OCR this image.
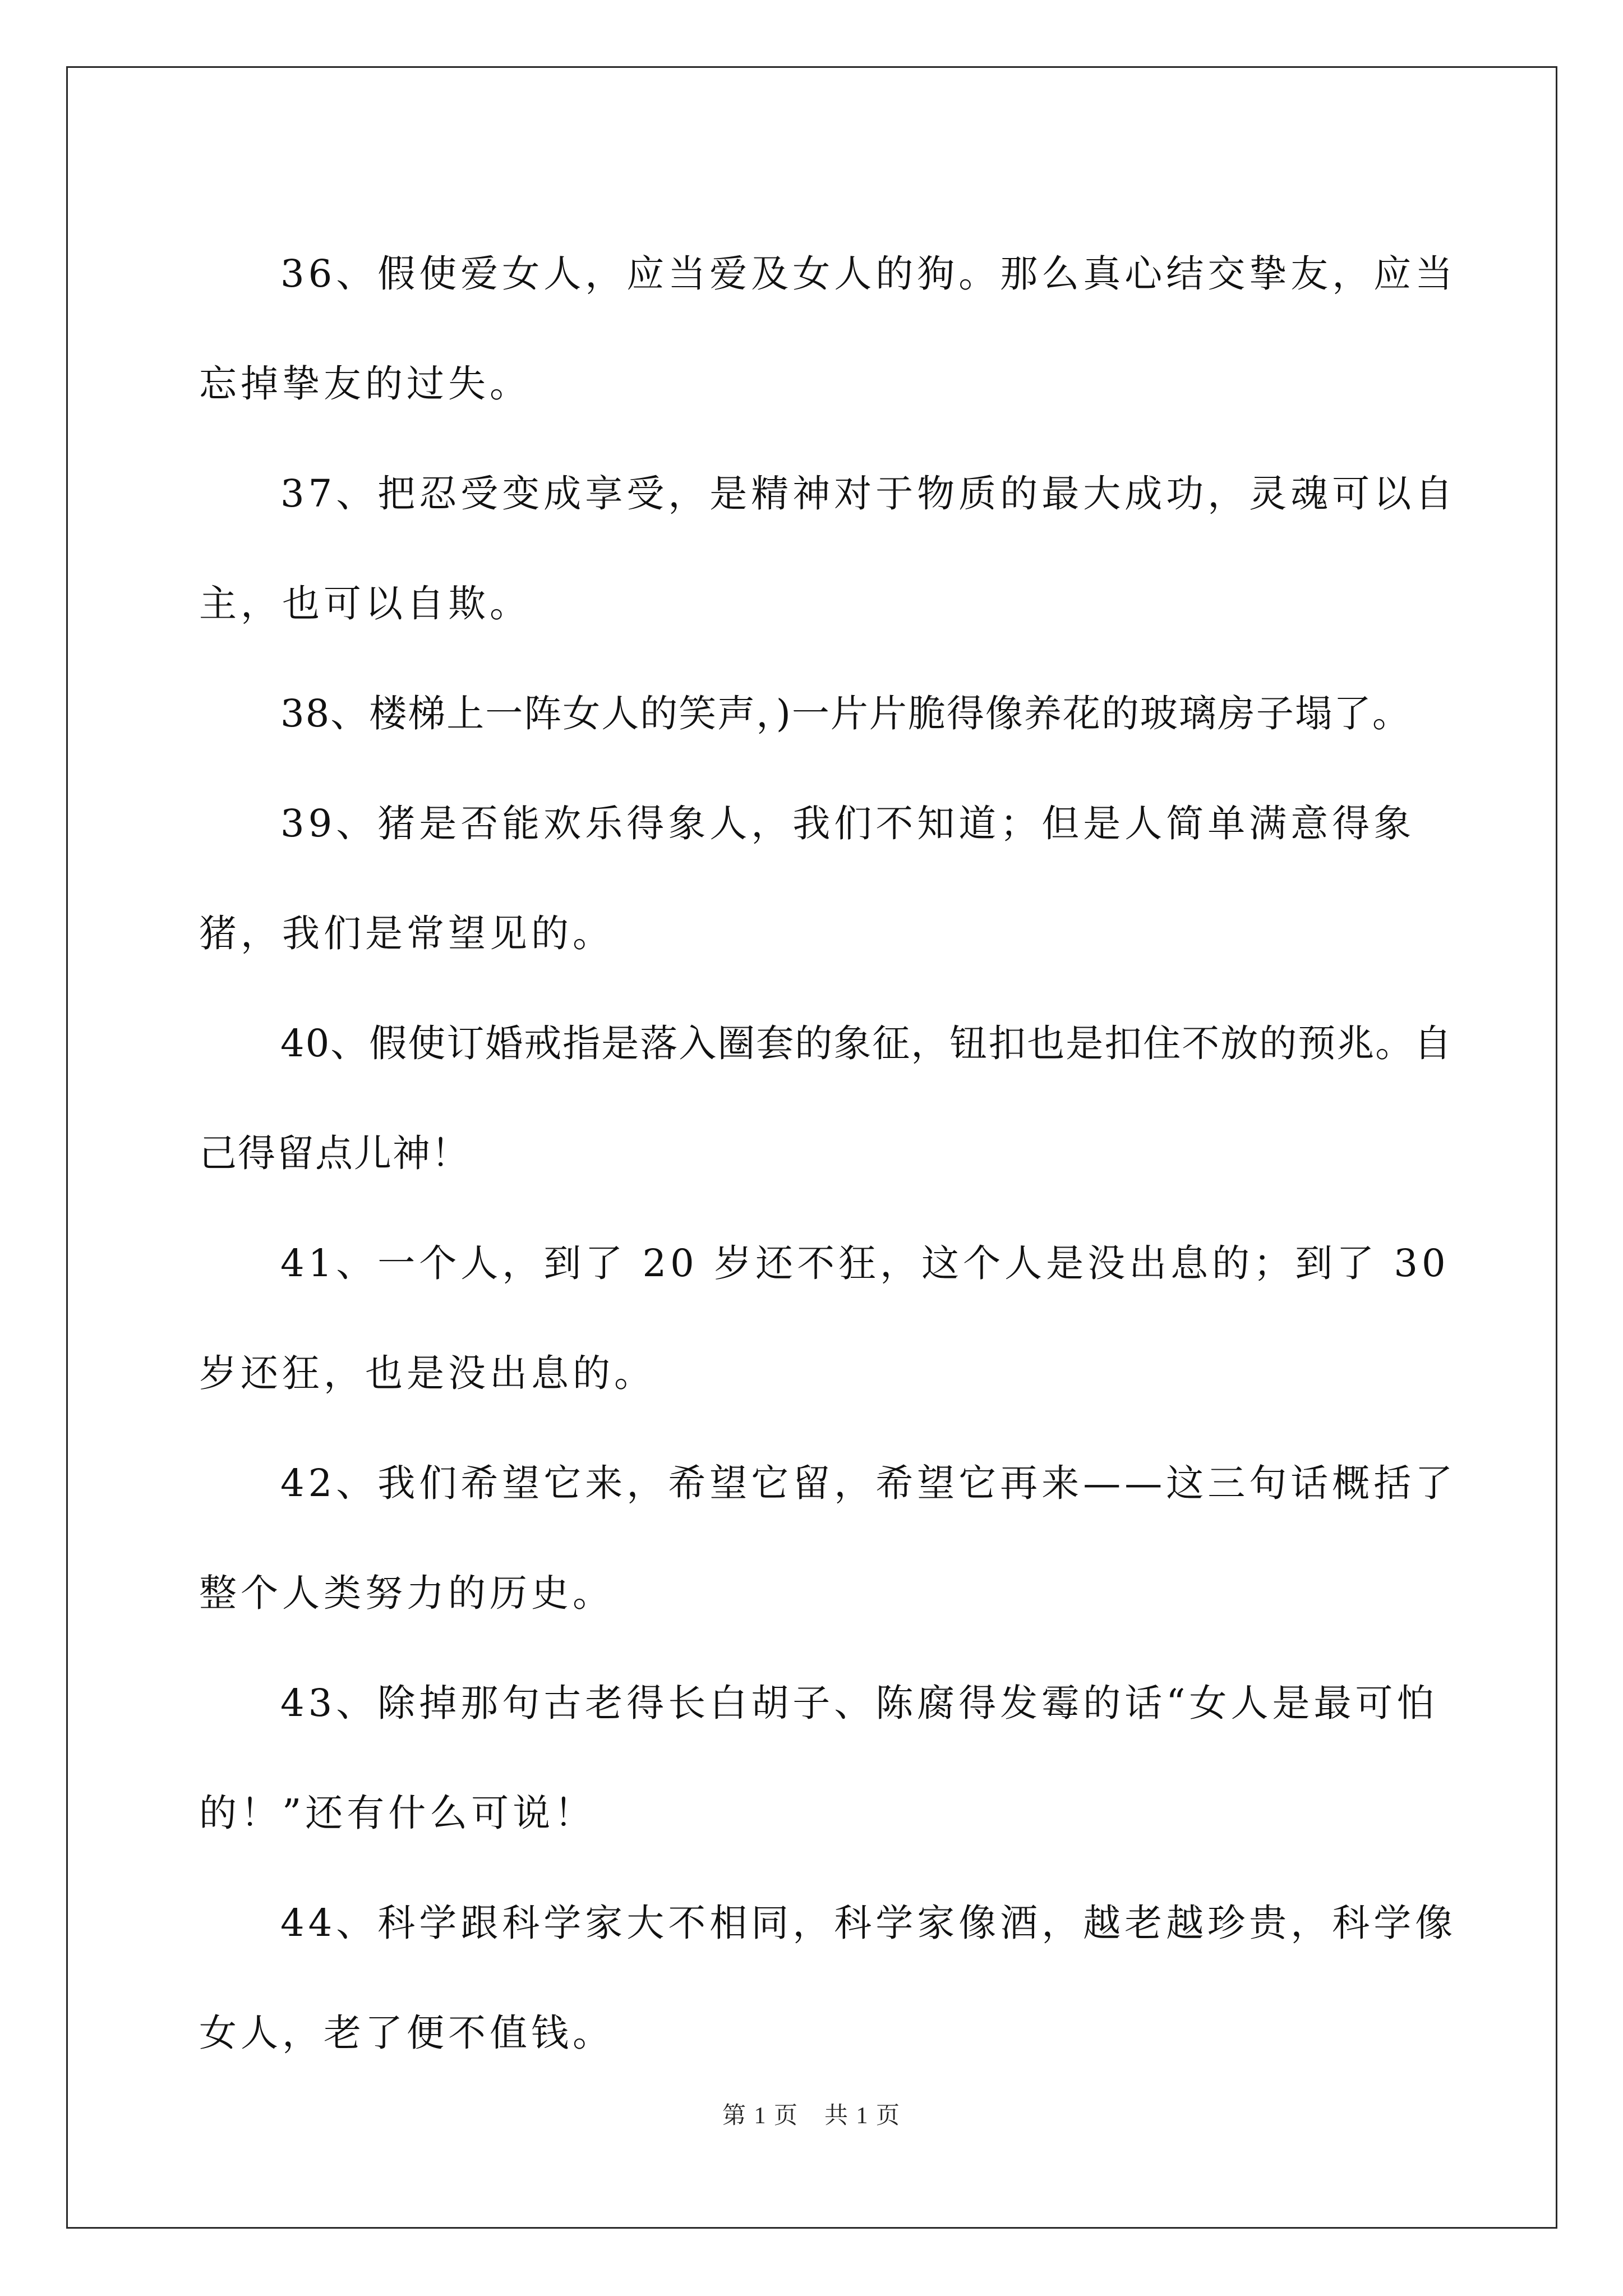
36、假使爱女人，应当爱及女人的狗。那么真心结交挚友，应当忘掉挚友的过失。

37、把忍受变成享受，是精神对于物质的最大成功，灵魂可以自主，也可以自欺。

38、楼梯上一阵女人的笑声，)一片片脆得像养花的玻璃房子塌了。

39、猪是否能欢乐得象人，我们不知道；但是人简单满意得象猪，我们是常望见的。

40、假使订婚戒指是落入圈套的象征，钮扣也是扣住不放的预兆。自己得留点儿神！

41、一个人，到了 20 岁还不狂，这个人是没出息的；到了 30 岁还狂，也是没出息的。

42、我们希望它来，希望它留，希望它再来——这三句话概括了整个人类努力的历史。

43、除掉那句古老得长白胡子、陈腐得发霉的话“女人是最可怕的！”还有什么可说！

44、科学跟科学家大不相同，科学家像酒，越老越珍贵，科学像女人，老了便不值钱。

第 1 页 共 1 页
